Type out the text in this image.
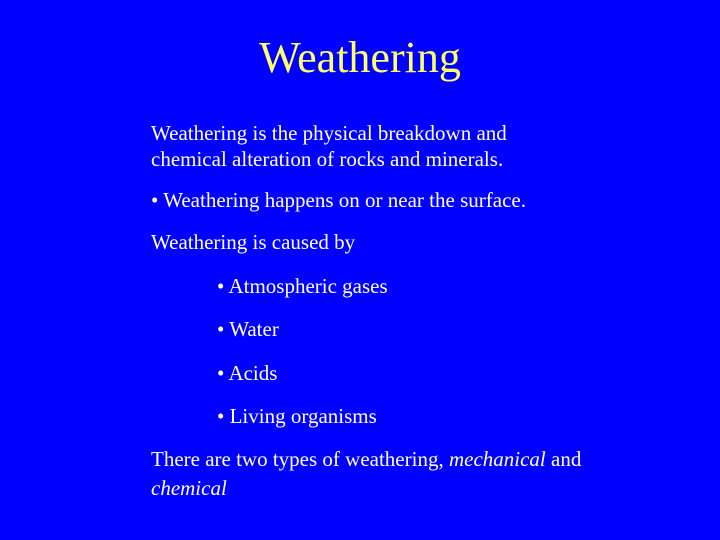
Weathering

Weathering is the physical breakdown and

chemical alteration of rocks and minerals.

• Weathering happens on or near the surface.

Weathering is caused by

• Atmospheric gases

• Water

• Acids

• Living organisms

There are two types of weathering, mechanical and

chemical
